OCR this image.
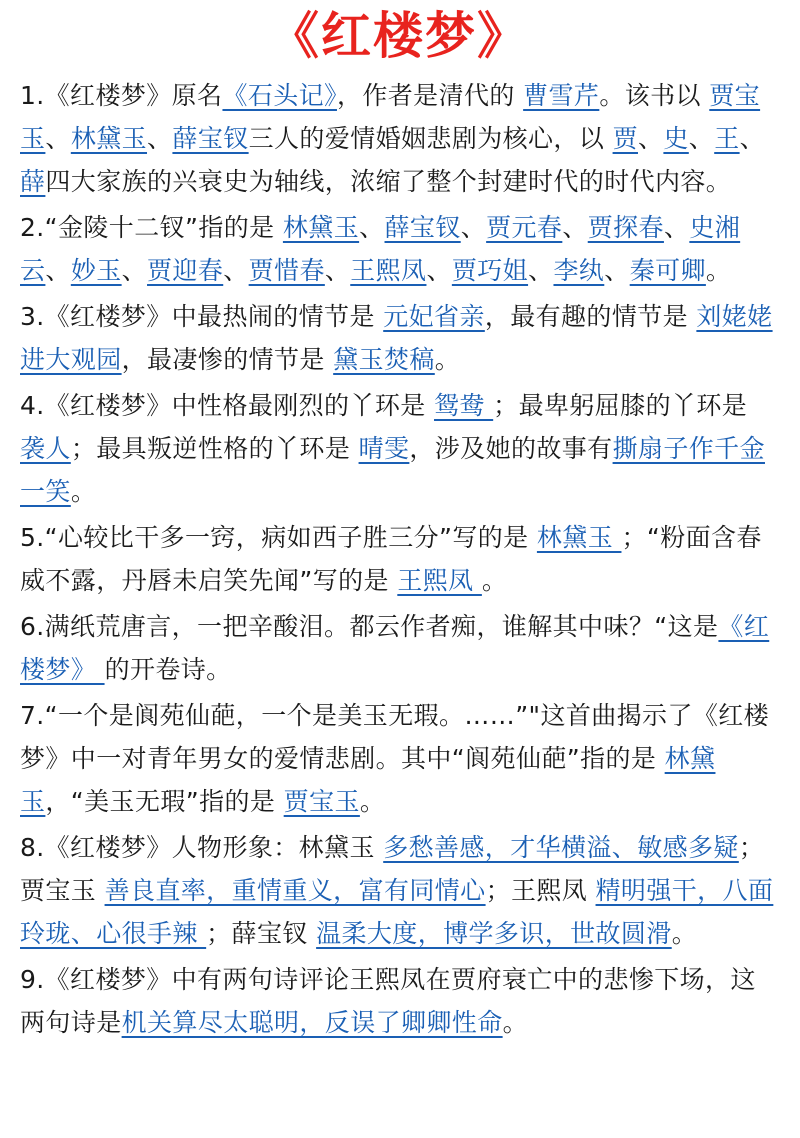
《红楼梦》
1.《红楼梦》原名《石头记》，作者是清代的 曹雪芹。该书以 贾宝玉、林黛玉、薛宝钗三人的爱情婚姻悲剧为核心，以 贾、史、王、薛四大家族的兴衰史为轴线，浓缩了整个封建时代的时代内容。
2.“金陵十二钗”指的是 林黛玉、薛宝钗、贾元春、贾探春、史湘云、妙玉、贾迎春、贾惜春、王熙凤、贾巧姐、李纨、秦可卿。
3.《红楼梦》中最热闹的情节是 元妃省亲，最有趣的情节是 刘姥姥进大观园，最凄惨的情节是 黛玉焚稿。
4.《红楼梦》中性格最刚烈的丫环是 鸳鸯 ；最卑躬屈膝的丫环是 袭人；最具叛逆性格的丫环是 晴雯，涉及她的故事有撕扇子作千金一笑。
5.“心较比干多一窍，病如西子胜三分”写的是 林黛玉 ；“粉面含春威不露，丹唇未启笑先闻”写的是 王熙凤 。
6.满纸荒唐言，一把辛酸泪。都云作者痴，谁解其中味？“这是《红楼梦》 的开卷诗。
7.“一个是阆苑仙葩，一个是美玉无瑕。……”"这首曲揭示了《红楼梦》中一对青年男女的爱情悲剧。其中“阆苑仙葩”指的是 林黛玉，“美玉无瑕”指的是 贾宝玉。
8.《红楼梦》人物形象：林黛玉 多愁善感，才华横溢、敏感多疑；贾宝玉 善良直率，重情重义，富有同情心；王熙凤 精明强干，八面玲珑、心很手辣 ；薛宝钗 温柔大度，博学多识，世故圆滑。
9.《红楼梦》中有两句诗评论王熙凤在贾府衰亡中的悲惨下场，这两句诗是机关算尽太聪明，反误了卿卿性命。
